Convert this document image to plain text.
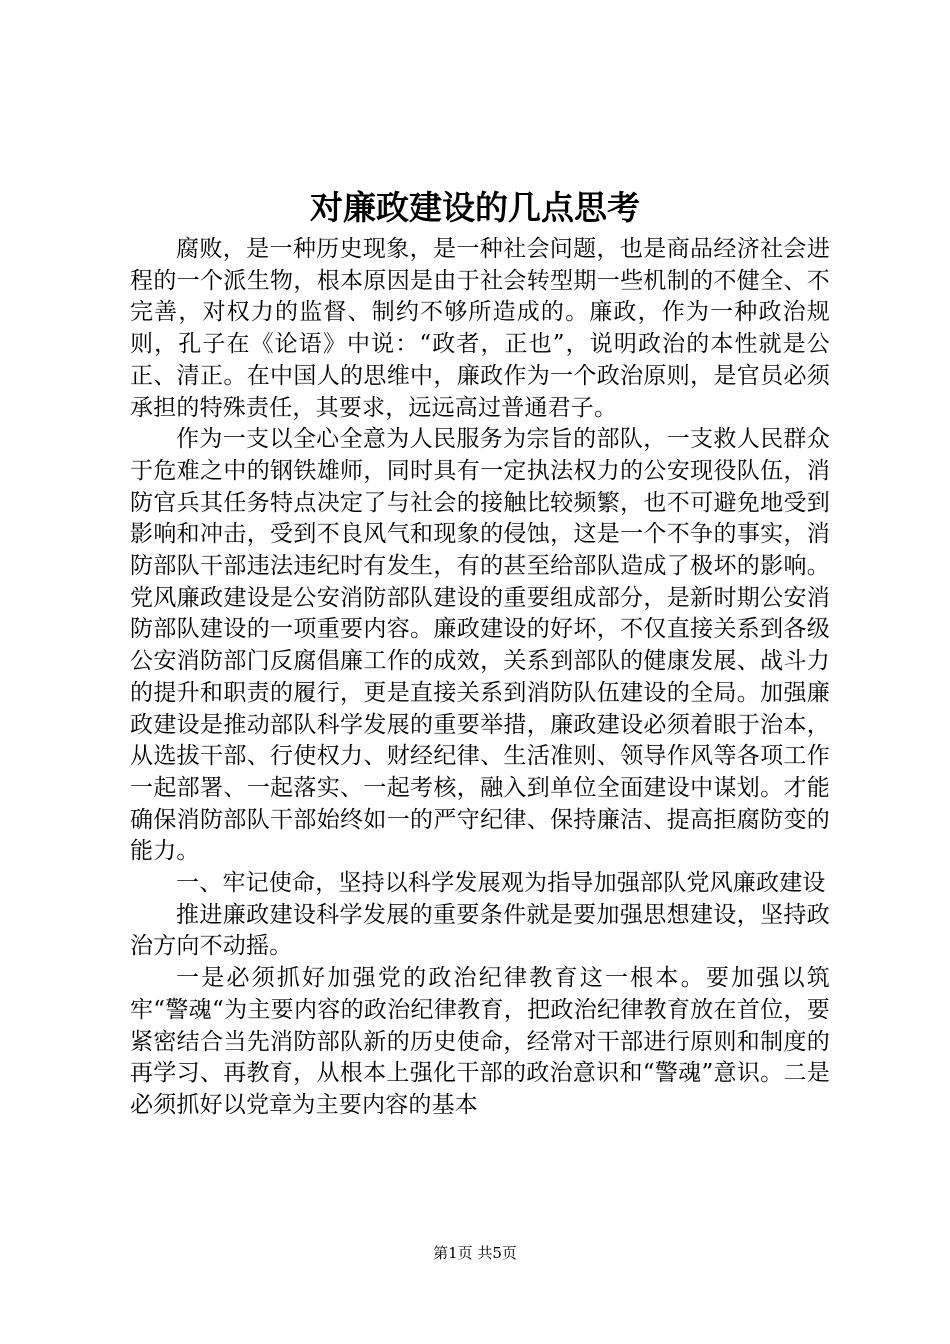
对廉政建设的几点思考

腐败，是一种历史现象，是一种社会问题，也是商品经济社会进程的一个派生物，根本原因是由于社会转型期一些机制的不健全、不完善，对权力的监督、制约不够所造成的。廉政，作为一种政治规则，孔子在《论语》中说：“政者，正也”，说明政治的本性就是公正、清正。在中国人的思维中，廉政作为一个政治原则，是官员必须承担的特殊责任，其要求，远远高过普通君子。

作为一支以全心全意为人民服务为宗旨的部队，一支救人民群众于危难之中的钢铁雄师，同时具有一定执法权力的公安现役队伍，消防官兵其任务特点决定了与社会的接触比较频繁，也不可避免地受到影响和冲击，受到不良风气和现象的侵蚀，这是一个不争的事实，消防部队干部违法违纪时有发生，有的甚至给部队造成了极坏的影响。党风廉政建设是公安消防部队建设的重要组成部分，是新时期公安消防部队建设的一项重要内容。廉政建设的好坏，不仅直接关系到各级公安消防部门反腐倡廉工作的成效，关系到部队的健康发展、战斗力的提升和职责的履行，更是直接关系到消防队伍建设的全局。加强廉政建设是推动部队科学发展的重要举措，廉政建设必须着眼于治本，从选拔干部、行使权力、财经纪律、生活准则、领导作风等各项工作一起部署、一起落实、一起考核，融入到单位全面建设中谋划。才能确保消防部队干部始终如一的严守纪律、保持廉洁、提高拒腐防变的能力。

一、牢记使命，坚持以科学发展观为指导加强部队党风廉政建设

推进廉政建设科学发展的重要条件就是要加强思想建设，坚持政治方向不动摇。

一是必须抓好加强党的政治纪律教育这一根本。要加强以筑牢“警魂“为主要内容的政治纪律教育，把政治纪律教育放在首位，要紧密结合当先消防部队新的历史使命，经常对干部进行原则和制度的再学习、再教育，从根本上强化干部的政治意识和“警魂”意识。二是必须抓好以党章为主要内容的基本

第1页 共5页
